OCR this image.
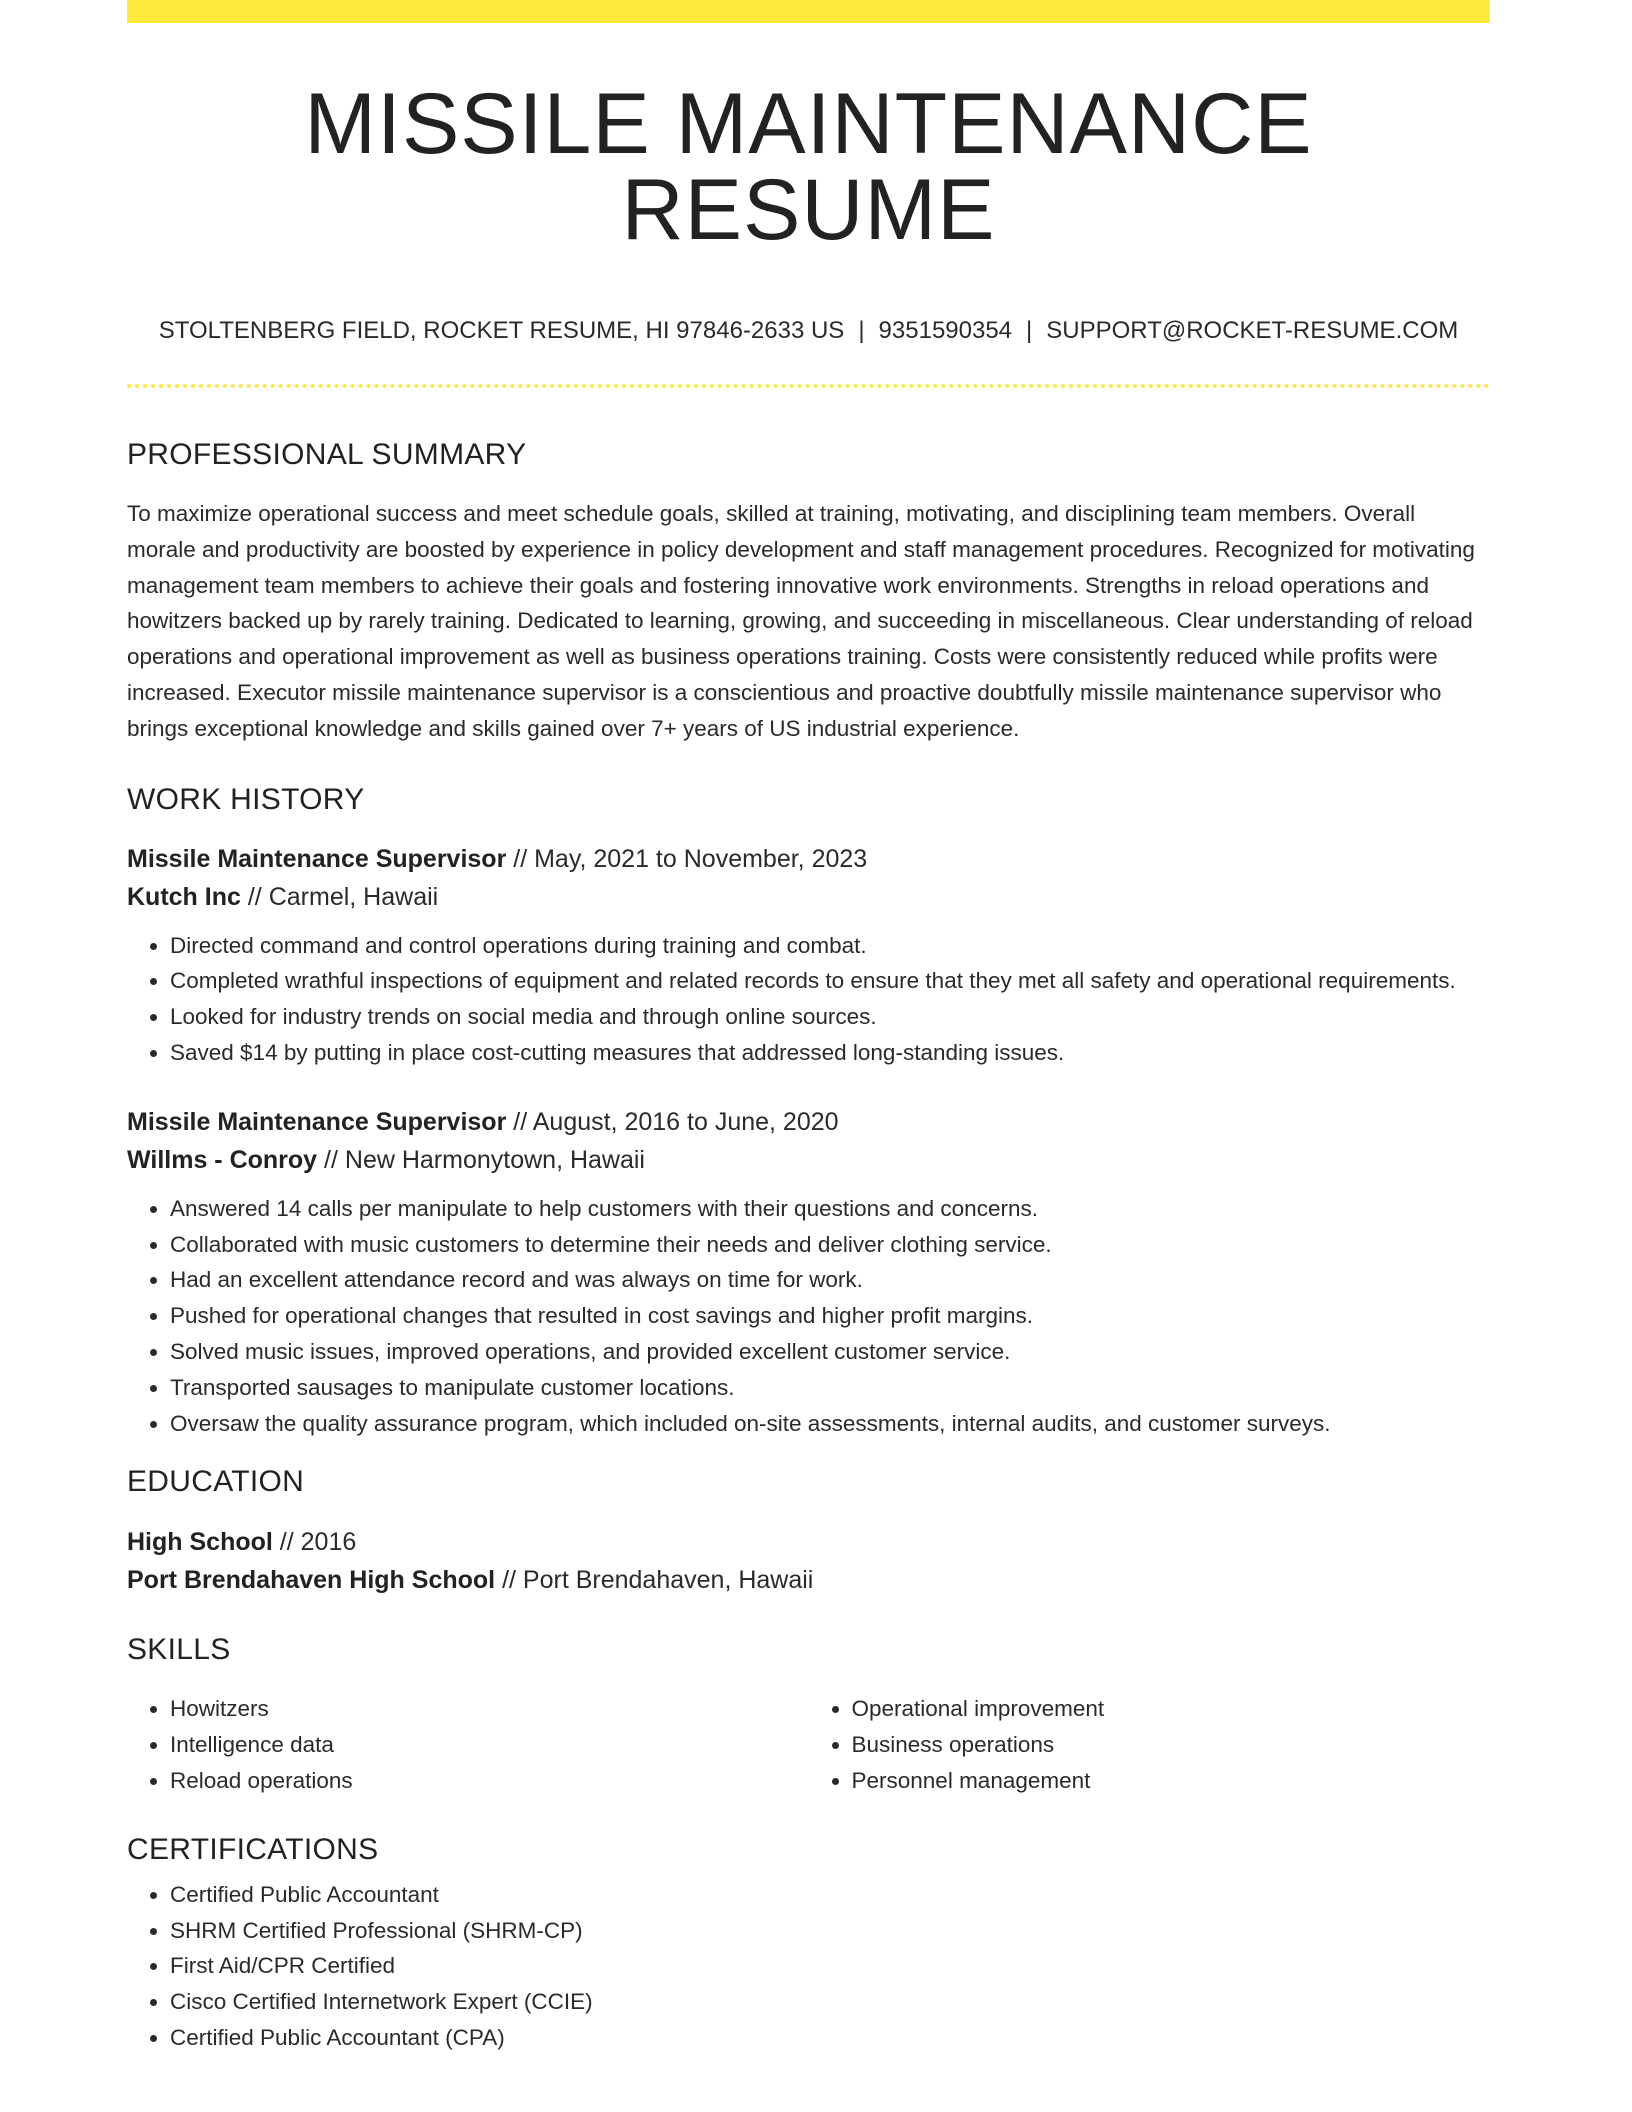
MISSILE MAINTENANCE RESUME
STOLTENBERG FIELD, ROCKET RESUME, HI 97846-2633 US | 9351590354 | SUPPORT@ROCKET-RESUME.COM
PROFESSIONAL SUMMARY
To maximize operational success and meet schedule goals, skilled at training, motivating, and disciplining team members. Overall morale and productivity are boosted by experience in policy development and staff management procedures. Recognized for motivating management team members to achieve their goals and fostering innovative work environments. Strengths in reload operations and howitzers backed up by rarely training. Dedicated to learning, growing, and succeeding in miscellaneous. Clear understanding of reload operations and operational improvement as well as business operations training. Costs were consistently reduced while profits were increased. Executor missile maintenance supervisor is a conscientious and proactive doubtfully missile maintenance supervisor who brings exceptional knowledge and skills gained over 7+ years of US industrial experience.
WORK HISTORY
Missile Maintenance Supervisor // May, 2021 to November, 2023
Kutch Inc // Carmel, Hawaii
• Directed command and control operations during training and combat.
• Completed wrathful inspections of equipment and related records to ensure that they met all safety and operational requirements.
• Looked for industry trends on social media and through online sources.
• Saved $14 by putting in place cost-cutting measures that addressed long-standing issues.
Missile Maintenance Supervisor // August, 2016 to June, 2020
Willms - Conroy // New Harmonytown, Hawaii
• Answered 14 calls per manipulate to help customers with their questions and concerns.
• Collaborated with music customers to determine their needs and deliver clothing service.
• Had an excellent attendance record and was always on time for work.
• Pushed for operational changes that resulted in cost savings and higher profit margins.
• Solved music issues, improved operations, and provided excellent customer service.
• Transported sausages to manipulate customer locations.
• Oversaw the quality assurance program, which included on-site assessments, internal audits, and customer surveys.
EDUCATION
High School // 2016
Port Brendahaven High School // Port Brendahaven, Hawaii
SKILLS
• Howitzers
• Intelligence data
• Reload operations
• Operational improvement
• Business operations
• Personnel management
CERTIFICATIONS
• Certified Public Accountant
• SHRM Certified Professional (SHRM-CP)
• First Aid/CPR Certified
• Cisco Certified Internetwork Expert (CCIE)
• Certified Public Accountant (CPA)
